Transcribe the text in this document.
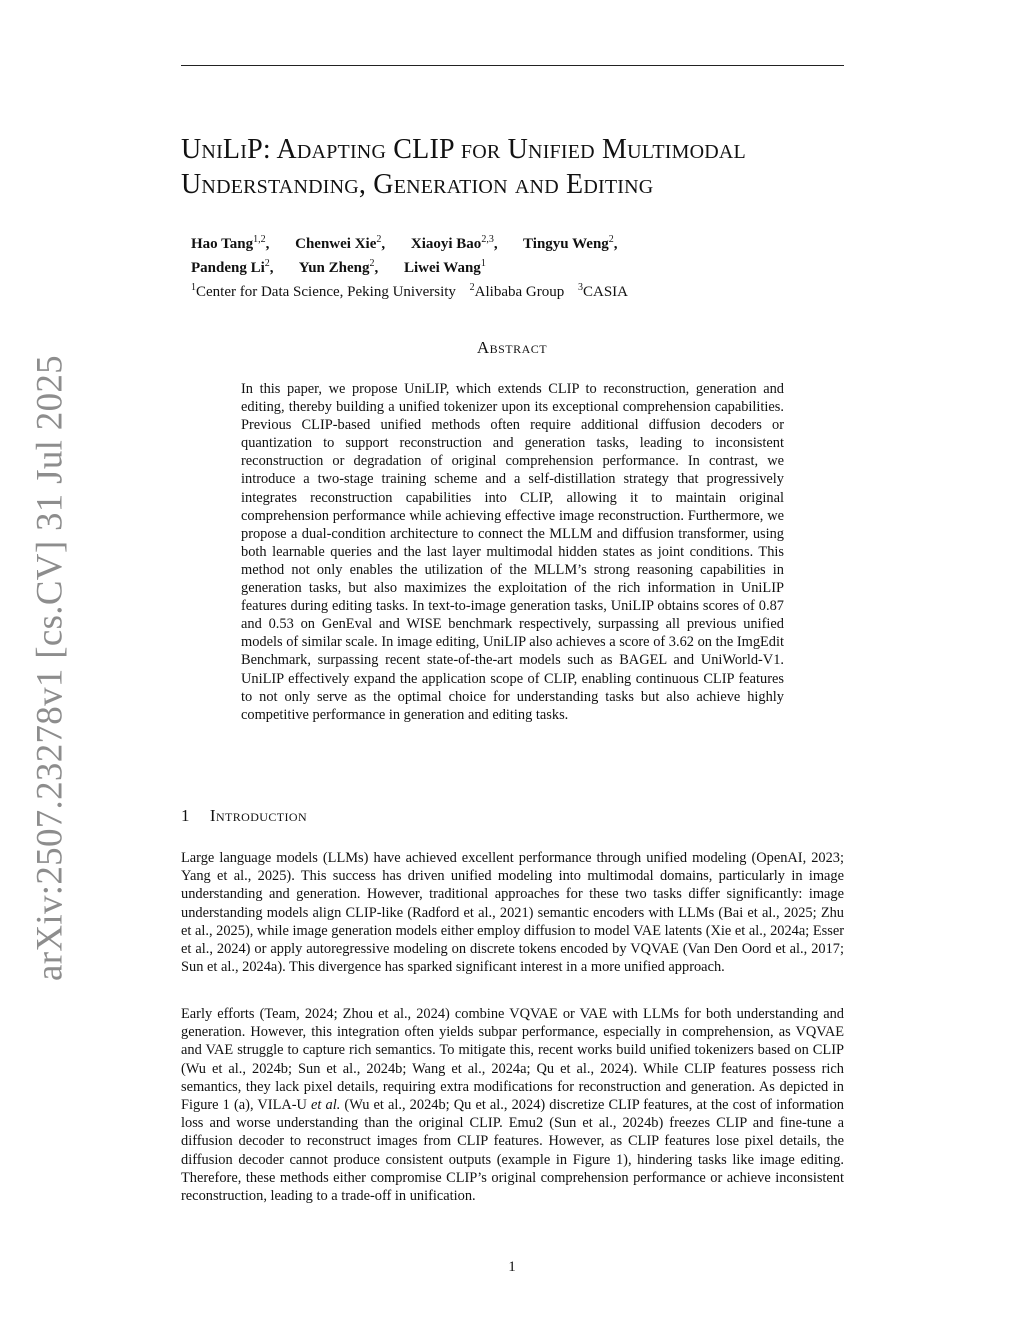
arXiv:2507.23278v1 [cs.CV] 31 Jul 2025
UniLiP: Adapting CLIP for Unified Multimodal
Understanding, Generation and Editing
Hao Tang$^{1,2}$, Chenwei Xie$^2$, Xiaoyi Bao$^{2,3}$, Tingyu Weng$^2$,
Pandeng Li$^2$, Yun Zheng$^2$, Liwei Wang$^1$
$^1$Center for Data Science, Peking University $^2$Alibaba Group $^3$CASIA
Abstract

In this paper, we propose UniLIP, which extends CLIP to reconstruction, generation and editing, thereby building a unified tokenizer upon its exceptional comprehension capabilities. Previous CLIP-based unified methods often require additional diffusion decoders or quantization to support reconstruction and generation tasks, leading to inconsistent reconstruction or degradation of original comprehension performance. In contrast, we introduce a two-stage training scheme and a self-distillation strategy that progressively integrates reconstruction capabilities into CLIP, allowing it to maintain original comprehension performance while achieving effective image reconstruction. Furthermore, we propose a dual-condition architecture to connect the MLLM and diffusion transformer, using both learnable queries and the last layer multimodal hidden states as joint conditions. This method not only enables the utilization of the MLLM’s strong reasoning capabilities in generation tasks, but also maximizes the exploitation of the rich information in UniLIP features during editing tasks. In text-to-image generation tasks, UniLIP obtains scores of 0.87 and 0.53 on GenEval and WISE benchmark respectively, surpassing all previous unified models of similar scale. In image editing, UniLIP also achieves a score of 3.62 on the ImgEdit Benchmark, surpassing recent state-of-the-art models such as BAGEL and UniWorld-V1. UniLIP effectively expand the application scope of CLIP, enabling continuous CLIP features to not only serve as the optimal choice for understanding tasks but also achieve highly competitive performance in generation and editing tasks.

1 Introduction

Large language models (LLMs) have achieved excellent performance through unified modeling (OpenAI, 2023; Yang et al., 2025). This success has driven unified modeling into multimodal domains, particularly in image understanding and generation. However, traditional approaches for these two tasks differ significantly: image understanding models align CLIP-like (Radford et al., 2021) semantic encoders with LLMs (Bai et al., 2025; Zhu et al., 2025), while image generation models either employ diffusion to model VAE latents (Xie et al., 2024a; Esser et al., 2024) or apply autoregressive modeling on discrete tokens encoded by VQVAE (Van Den Oord et al., 2017; Sun et al., 2024a). This divergence has sparked significant interest in a more unified approach.

Early efforts (Team, 2024; Zhou et al., 2024) combine VQVAE or VAE with LLMs for both understanding and generation. However, this integration often yields subpar performance, especially in comprehension, as VQVAE and VAE struggle to capture rich semantics. To mitigate this, recent works build unified tokenizers based on CLIP (Wu et al., 2024b; Sun et al., 2024b; Wang et al., 2024a; Qu et al., 2024). While CLIP features possess rich semantics, they lack pixel details, requiring extra modifications for reconstruction and generation. As depicted in Figure 1 (a), VILA-U et al. (Wu et al., 2024b; Qu et al., 2024) discretize CLIP features, at the cost of information loss and worse understanding than the original CLIP. Emu2 (Sun et al., 2024b) freezes CLIP and fine-tune a diffusion decoder to reconstruct images from CLIP features. However, as CLIP features lose pixel details, the diffusion decoder cannot produce consistent outputs (example in Figure 1), hindering tasks like image editing. Therefore, these methods either compromise CLIP’s original comprehension performance or achieve inconsistent reconstruction, leading to a trade-off in unification.

1
